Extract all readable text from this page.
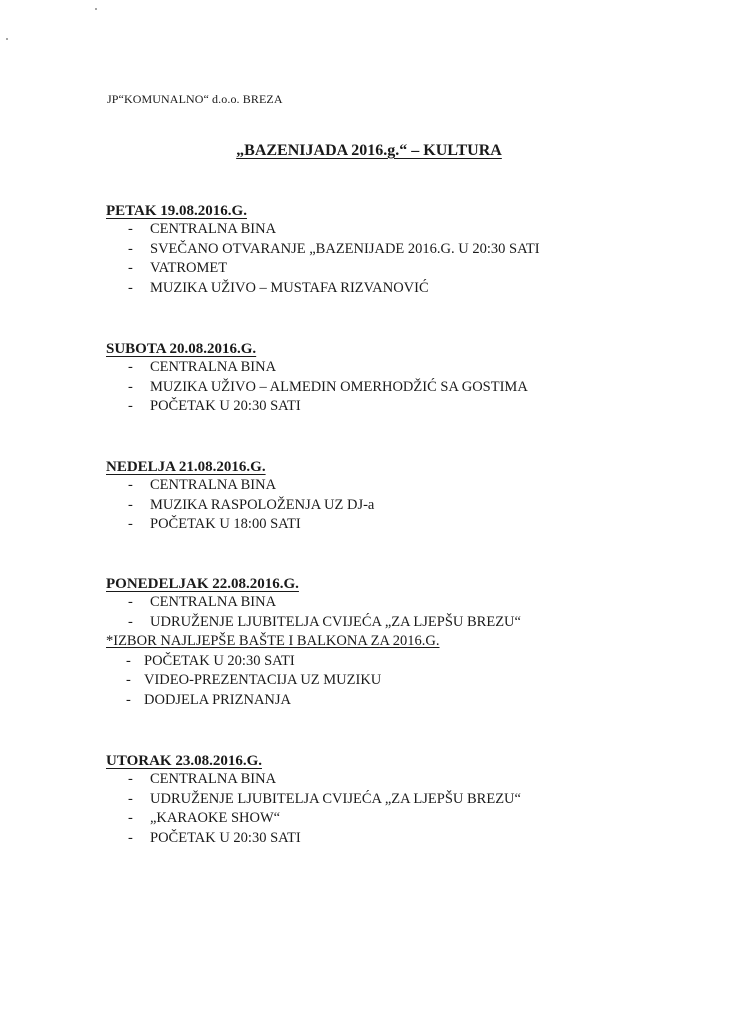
JP“KOMUNALNO“ d.o.o. BREZA
„BAZENIJADA 2016.g.“ – KULTURA
PETAK 19.08.2016.G.
- CENTRALNA BINA
- SVEČANO OTVARANJE „BAZENIJADE 2016.G. U 20:30 SATI
- VATROMET
- MUZIKA UŽIVO – MUSTAFA RIZVANOVIĆ
SUBOTA 20.08.2016.G.
- CENTRALNA BINA
- MUZIKA UŽIVO – ALMEDIN OMERHODŽIĆ SA GOSTIMA
- POČETAK U 20:30 SATI
NEDELJA 21.08.2016.G.
- CENTRALNA BINA
- MUZIKA RASPOLOŽENJA UZ DJ-a
- POČETAK U 18:00 SATI
PONEDELJAK 22.08.2016.G.
- CENTRALNA BINA
- UDRUŽENJE LJUBITELJA CVIJEĆA „ZA LJEPŠU BREZU“
*IZBOR NAJLJEPŠE BAŠTE I BALKONA ZA 2016.G.
- POČETAK U 20:30 SATI
- VIDEO-PREZENTACIJA UZ MUZIKU
- DODJELA PRIZNANJA
UTORAK 23.08.2016.G.
- CENTRALNA BINA
- UDRUŽENJE LJUBITELJA CVIJEĆA „ZA LJEPŠU BREZU“
- „KARAOKE SHOW“
- POČETAK U 20:30 SATI
